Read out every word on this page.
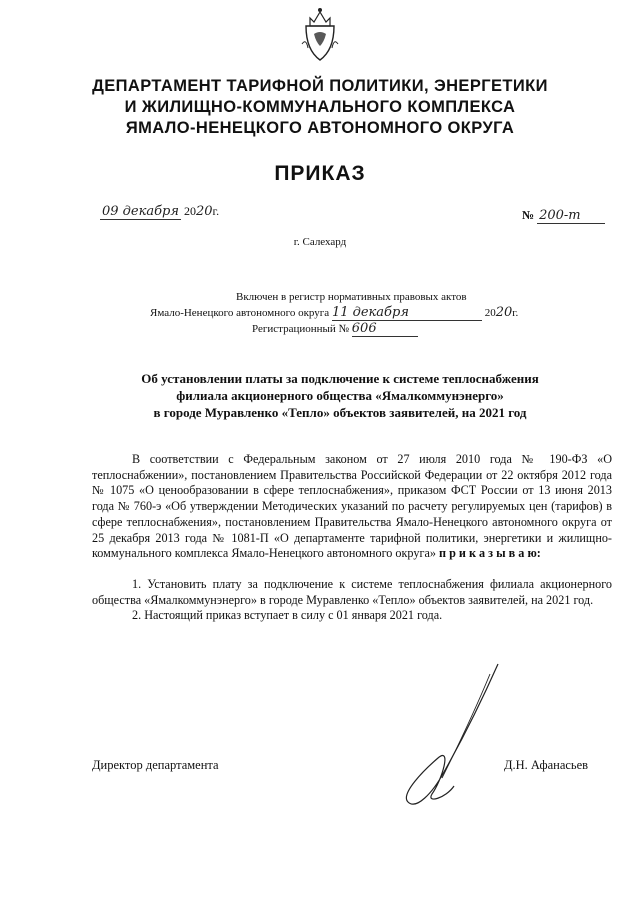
ДЕПАРТАМЕНТ ТАРИФНОЙ ПОЛИТИКИ, ЭНЕРГЕТИКИ
И ЖИЛИЩНО-КОММУНАЛЬНОГО КОМПЛЕКСА
ЯМАЛО-НЕНЕЦКОГО АВТОНОМНОГО ОКРУГА
ПРИКАЗ
09 декабря 2020г.	№ 200-т
г. Салехард
Включен в регистр нормативных правовых актов
Ямало-Ненецкого автономного округа 11 декабря	2020г.
Регистрационный № 606
Об установлении платы за подключение к системе теплоснабжения
филиала акционерного общества «Ямалкоммунэнерго»
в городе Муравленко «Тепло» объектов заявителей, на 2021 год

В соответствии с Федеральным законом от 27 июля 2010 года № 190-ФЗ «О теплоснабжении», постановлением Правительства Российской Федерации от 22 октября 2012 года № 1075 «О ценообразовании в сфере теплоснабжения», приказом ФСТ России от 13 июня 2013 года № 760-э «Об утверждении Методических указаний по расчету регулируемых цен (тарифов) в сфере теплоснабжения», постановлением Правительства Ямало-Ненецкого автономного округа от 25 декабря 2013 года № 1081-П «О департаменте тарифной политики, энергетики и жилищно-коммунального комплекса Ямало-Ненецкого автономного округа» п р и к а з ы в а ю:

1. Установить плату за подключение к системе теплоснабжения филиала акционерного общества «Ямалкоммунэнерго» в городе Муравленко «Тепло» объектов заявителей, на 2021 год.

2. Настоящий приказ вступает в силу с 01 января 2021 года.

Директор департамента	Д.Н. Афанасьев
